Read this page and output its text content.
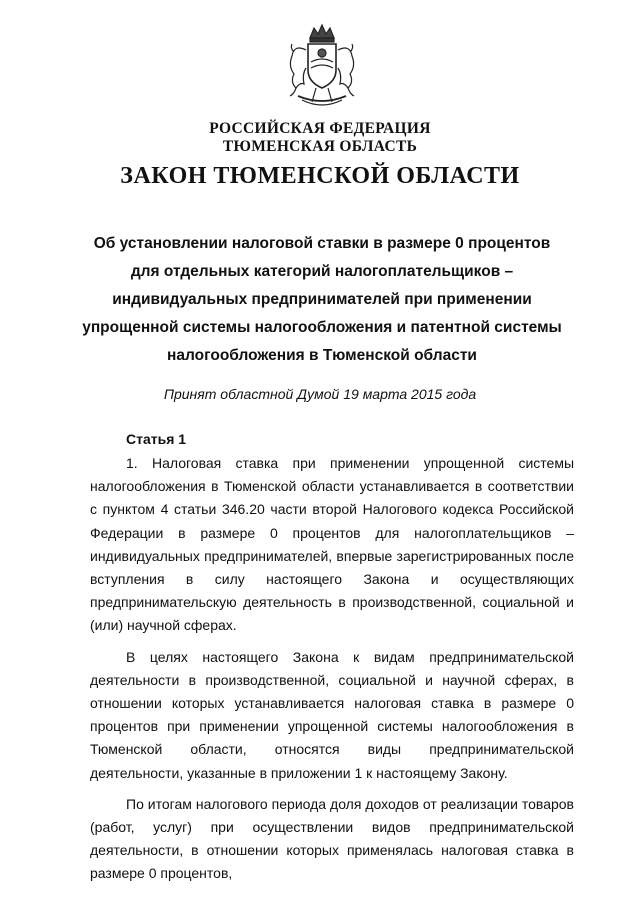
РОССИЙСКАЯ ФЕДЕРАЦИЯ
ТЮМЕНСКАЯ ОБЛАСТЬ
ЗАКОН ТЮМЕНСКОЙ ОБЛАСТИ
Об установлении налоговой ставки в размере 0 процентов
для отдельных категорий налогоплательщиков –
индивидуальных предпринимателей при применении
упрощенной системы налогообложения и патентной системы
налогообложения в Тюменской области
Принят областной Думой 19 марта 2015 года
Статья 1

1. Налоговая ставка при применении упрощенной системы налогообложения в Тюменской области устанавливается в соответствии с пунктом 4 статьи 346.20 части второй Налогового кодекса Российской Федерации в размере 0 процентов для налогоплательщиков – индивидуальных предпринимателей, впервые зарегистрированных после вступления в силу настоящего Закона и осуществляющих предпринимательскую деятельность в производственной, социальной и (или) научной сферах.

В целях настоящего Закона к видам предпринимательской деятельности в производственной, социальной и научной сферах, в отношении которых устанавливается налоговая ставка в размере 0 процентов при применении упрощенной системы налогообложения в Тюменской области, относятся виды предпринимательской деятельности, указанные в приложении 1 к настоящему Закону.

По итогам налогового периода доля доходов от реализации товаров (работ, услуг) при осуществлении видов предпринимательской деятельности, в отношении которых применялась налоговая ставка в размере 0 процентов,
